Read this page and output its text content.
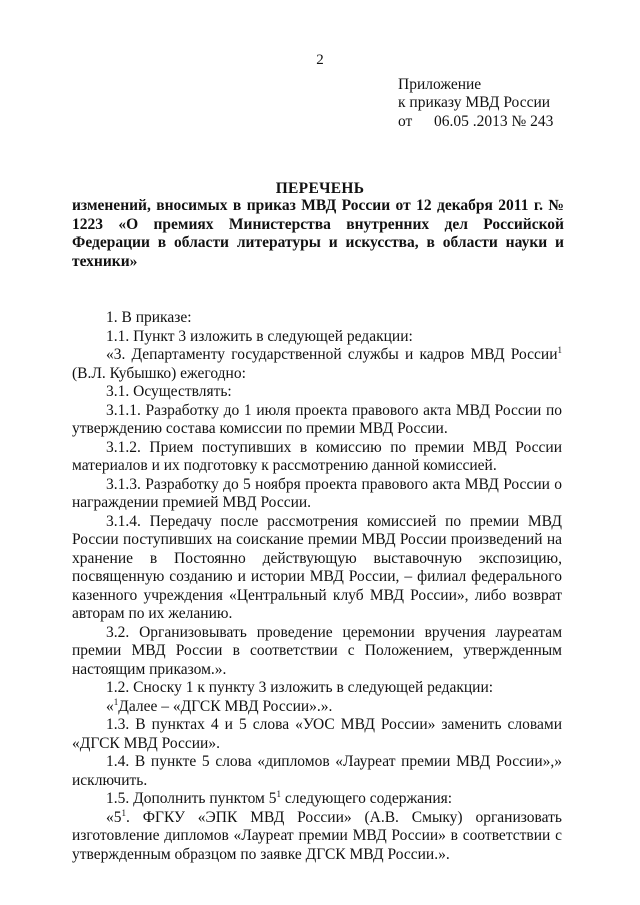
2
Приложение
к приказу МВД России
от 06.05 .2013 № 243
ПЕРЕЧЕНЬ
изменений, вносимых в приказ МВД России от 12 декабря 2011 г. № 1223 «О премиях Министерства внутренних дел Российской Федерации в области литературы и искусства, в области науки и техники»

1. В приказе:

1.1. Пункт 3 изложить в следующей редакции:

«3. Департаменту государственной службы и кадров МВД России$^1$

(В.Л. Кубышко) ежегодно:

3.1. Осуществлять:

3.1.1. Разработку до 1 июля проекта правового акта МВД России по утверждению состава комиссии по премии МВД России.

3.1.2. Прием поступивших в комиссию по премии МВД России материалов и их подготовку к рассмотрению данной комиссией.

3.1.3. Разработку до 5 ноября проекта правового акта МВД России о награждении премией МВД России.

3.1.4. Передачу после рассмотрения комиссией по премии МВД России поступивших на соискание премии МВД России произведений на хранение в Постоянно действующую выставочную экспозицию, посвященную созданию и истории МВД России, – филиал федерального казенного учреждения «Центральный клуб МВД России», либо возврат авторам по их желанию.

3.2. Организовывать проведение церемонии вручения лауреатам премии МВД России в соответствии с Положением, утвержденным настоящим приказом.».

1.2. Сноску 1 к пункту 3 изложить в следующей редакции:

«$^1$Далее – «ДГСК МВД России».».

1.3. В пунктах 4 и 5 слова «УОС МВД России» заменить словами «ДГСК МВД России».

1.4. В пункте 5 слова «дипломов «Лауреат премии МВД России»,» исключить.

1.5. Дополнить пунктом $5^1$ следующего содержания:

«$5^1$. ФГКУ «ЭПК МВД России» (А.В. Смыку) организовать изготовление дипломов «Лауреат премии МВД России» в соответствии с утвержденным образцом по заявке ДГСК МВД России.».
